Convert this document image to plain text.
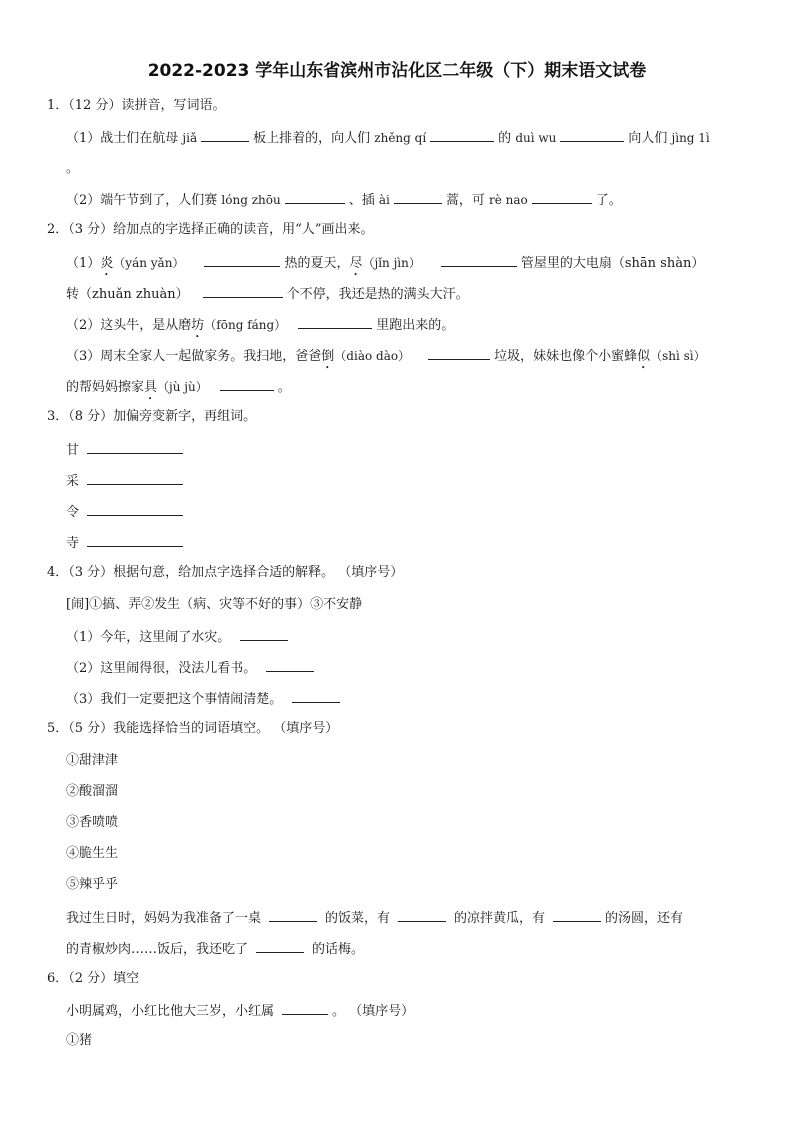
2022-2023 学年山东省滨州市沾化区二年级（下）期末语文试卷
1．（12 分）读拼音，写词语。
（1）战士们在航母 jiǎ	板上排着的，向人们 zhěng qí	的 duì wu	向人们 jìng 1ì
。
（2）端午节到了，人们赛 lóng zhōu	、插 ài	蒿，可 rè nao	了。
2．（3 分）给加点的字选择正确的读音，用“人”画出来。
（1）炎（yán yǎn）	热的夏天，尽（jǐn jìn）	管屋里的大电扇（shān shàn）
转（zhuǎn zhuàn）	个不停，我还是热的满头大汗。
（2）这头牛，是从磨坊（fōng fáng）	里跑出来的。
（3）周末全家人一起做家务。我扫地，爸爸倒（diào dào）	垃圾，妹妹也像个小蜜蜂似（shì sì）
的帮妈妈擦家具（jù jù）	。
3．（8 分）加偏旁变新字，再组词。
甘
采
令
寺
4．（3 分）根据句意，给加点字选择合适的解释。 （填序号）
[闹]①搞、弄②发生（病、灾等不好的事）③不安静
（1）今年，这里闹了水灾。
（2）这里闹得很，没法儿看书。
（3）我们一定要把这个事情闹清楚。
5．（5 分）我能选择恰当的词语填空。 （填序号）
①甜津津
②酸溜溜
③香喷喷
④脆生生
⑤辣乎乎
我过生日时，妈妈为我准备了一桌	的饭菜，有	的凉拌黄瓜，有	的汤圆，还有
的青椒炒肉……饭后，我还吃了	的话梅。
6．（2 分）填空
小明属鸡，小红比他大三岁，小红属	。 （填序号）
①猪
